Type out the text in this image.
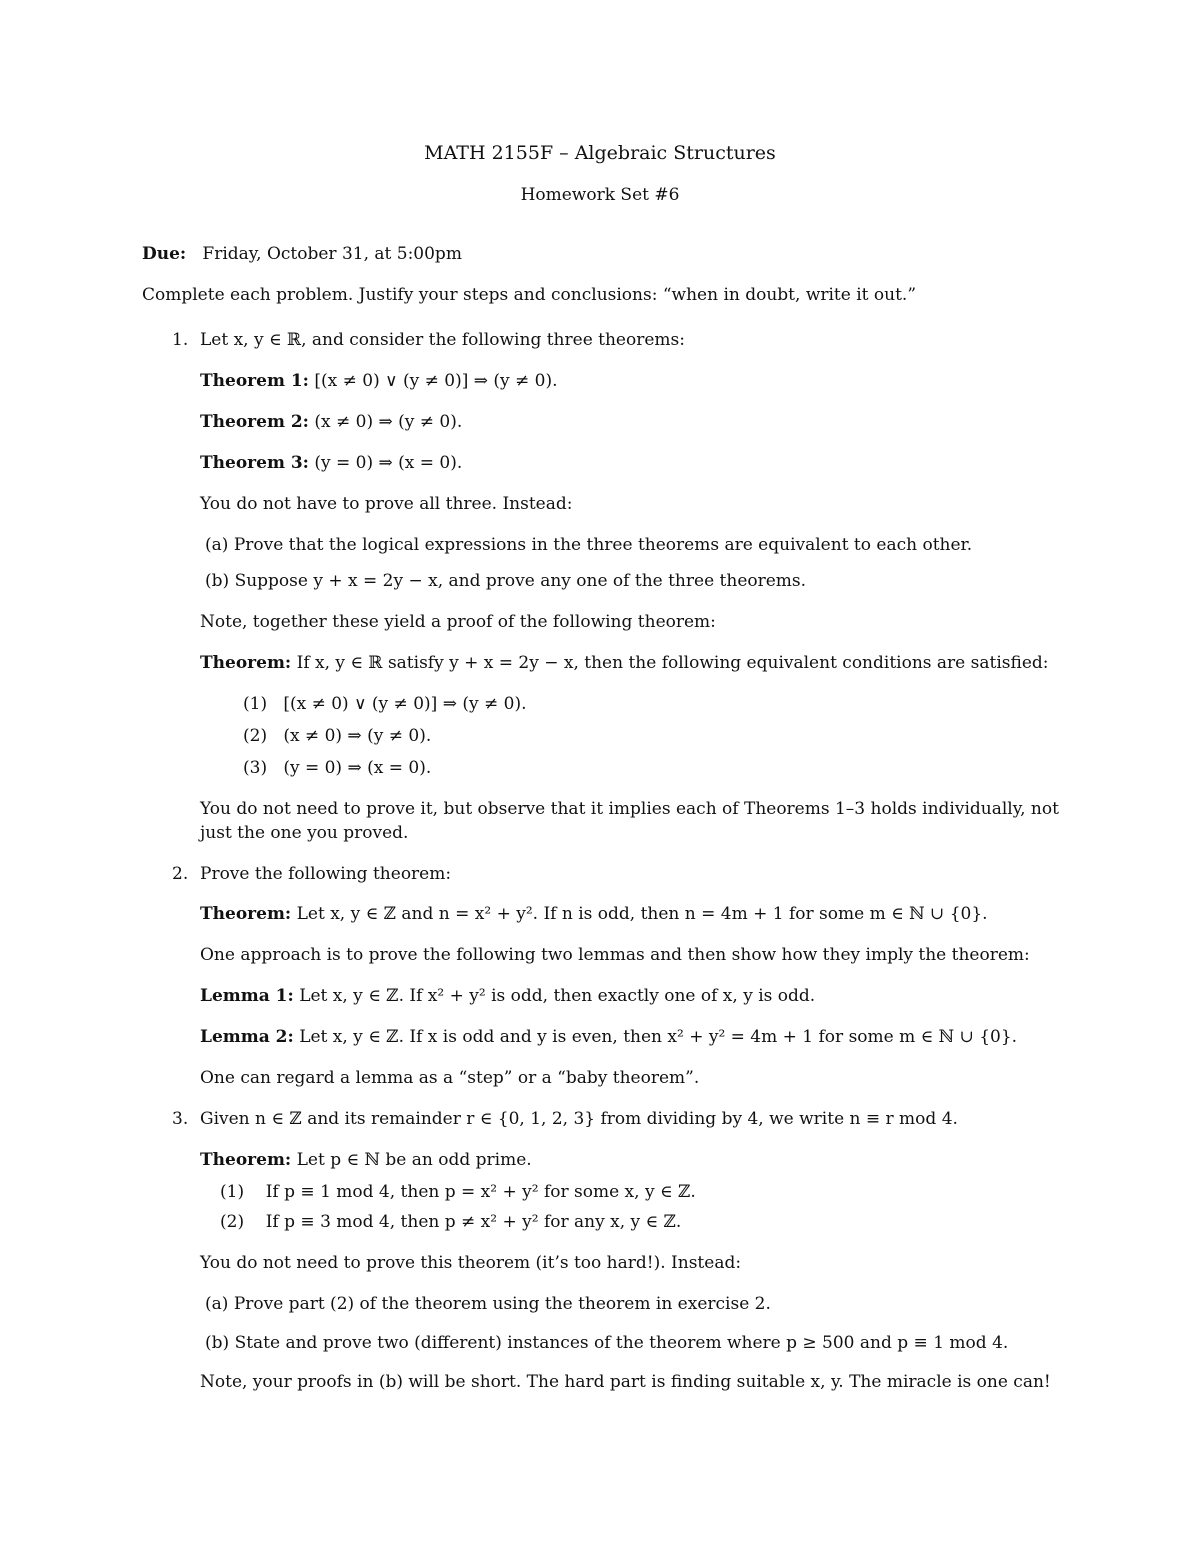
MATH 2155F – Algebraic Structures
Homework Set #6
Due: Friday, October 31, at 5:00pm
Complete each problem. Justify your steps and conclusions: “when in doubt, write it out.”
1. Let x, y ∈ ℝ, and consider the following three theorems:
Theorem 1: [(x ≠ 0) ∨ (y ≠ 0)] ⇒ (y ≠ 0).
Theorem 2: (x ≠ 0) ⇒ (y ≠ 0).
Theorem 3: (y = 0) ⇒ (x = 0).
You do not have to prove all three. Instead:
(a) Prove that the logical expressions in the three theorems are equivalent to each other.
(b) Suppose y + x = 2y − x, and prove any one of the three theorems.
Note, together these yield a proof of the following theorem:
Theorem: If x, y ∈ ℝ satisfy y + x = 2y − x, then the following equivalent conditions are satisfied:
(1) [(x ≠ 0) ∨ (y ≠ 0)] ⇒ (y ≠ 0).
(2) (x ≠ 0) ⇒ (y ≠ 0).
(3) (y = 0) ⇒ (x = 0).
You do not need to prove it, but observe that it implies each of Theorems 1–3 holds individually, not
just the one you proved.
2. Prove the following theorem:
Theorem: Let x, y ∈ ℤ and n = x² + y². If n is odd, then n = 4m + 1 for some m ∈ ℕ ∪ {0}.
One approach is to prove the following two lemmas and then show how they imply the theorem:
Lemma 1: Let x, y ∈ ℤ. If x² + y² is odd, then exactly one of x, y is odd.
Lemma 2: Let x, y ∈ ℤ. If x is odd and y is even, then x² + y² = 4m + 1 for some m ∈ ℕ ∪ {0}.
One can regard a lemma as a “step” or a “baby theorem”.
3. Given n ∈ ℤ and its remainder r ∈ {0, 1, 2, 3} from dividing by 4, we write n ≡ r mod 4.
Theorem: Let p ∈ ℕ be an odd prime.
(1) If p ≡ 1 mod 4, then p = x² + y² for some x, y ∈ ℤ.
(2) If p ≡ 3 mod 4, then p ≠ x² + y² for any x, y ∈ ℤ.
You do not need to prove this theorem (it’s too hard!). Instead:
(a) Prove part (2) of the theorem using the theorem in exercise 2.
(b) State and prove two (different) instances of the theorem where p ≥ 500 and p ≡ 1 mod 4.
Note, your proofs in (b) will be short. The hard part is finding suitable x, y. The miracle is one can!
